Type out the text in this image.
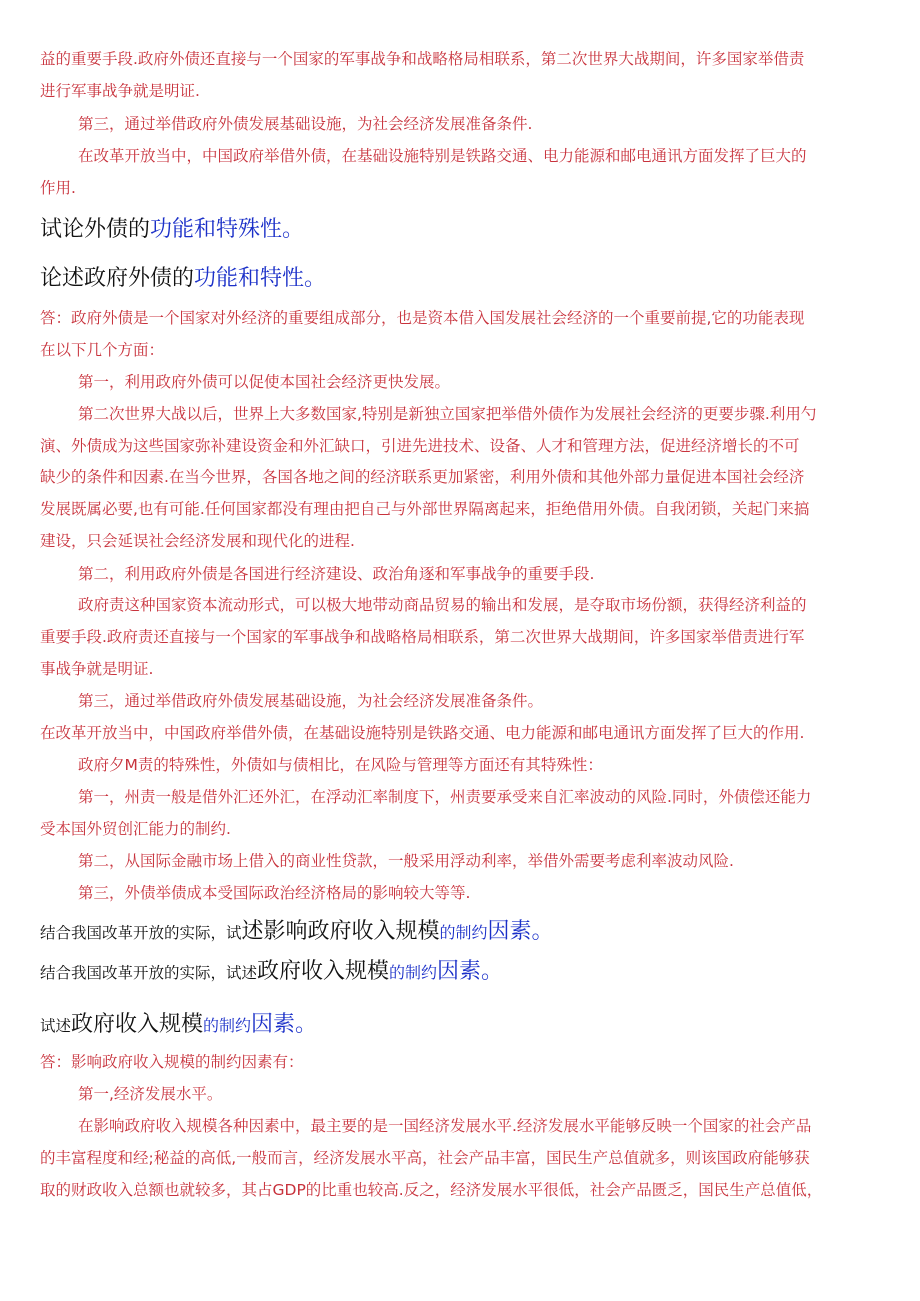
益的重要手段.政府外债还直接与一个国家的军事战争和战略格局相联系，第二次世界大战期间，许多国家举借责
进行军事战争就是明证.
第三，通过举借政府外债发展基础设施，为社会经济发展准备条件.
在改革开放当中，中国政府举借外债，在基础设施特别是铁路交通、电力能源和邮电通讯方面发挥了巨大的
作用.
试论外债的功能和特殊性。
论述政府外债的功能和特性。
答：政府外债是一个国家对外经济的重要组成部分，也是资本借入国发展社会经济的一个重要前提,它的功能表现
在以下几个方面：
第一，利用政府外债可以促使本国社会经济更快发展。
第二次世界大战以后，世界上大多数国家,特别是新独立国家把举借外债作为发展社会经济的更要步骤.利用勺
演、外债成为这些国家弥补建设资金和外汇缺口，引进先进技术、设备、人才和管理方法，促进经济增长的不可
缺少的条件和因素.在当今世界，各国各地之间的经济联系更加紧密，利用外债和其他外部力量促进本国社会经济
发展既属必要,也有可能.任何国家都没有理由把自己与外部世界隔离起来，拒绝借用外债。自我闭锁，关起门来搞
建设，只会延误社会经济发展和现代化的进程.
第二，利用政府外债是各国进行经济建设、政治角逐和军事战争的重要手段.
政府责这种国家资本流动形式，可以极大地带动商品贸易的输出和发展，是夺取市场份额，获得经济利益的
重要手段.政府责还直接与一个国家的军事战争和战略格局相联系，第二次世界大战期间，许多国家举借责进行军
事战争就是明证.
第三，通过举借政府外债发展基础设施，为社会经济发展准备条件。
在改革开放当中，中国政府举借外债，在基础设施特别是铁路交通、电力能源和邮电通讯方面发挥了巨大的作用.
政府夕M责的特殊性，外债如与债相比，在风险与管理等方面还有其特殊性：
第一，州责一般是借外汇还外汇，在浮动汇率制度下，州责要承受来自汇率波动的风险.同时，外债偿还能力
受本国外贸创汇能力的制约.
第二，从国际金融市场上借入的商业性贷款，一般采用浮动利率，举借外需要考虑利率波动风险.
第三，外债举债成本受国际政治经济格局的影响较大等等.
结合我国改革开放的实际，试述影响政府收入规模的制约因素。
结合我国改革开放的实际，试述政府收入规模的制约因素。
试述政府收入规模的制约因素。
答：影响政府收入规模的制约因素有：
第一,经济发展水平。
在影响政府收入规模各种因素中，最主要的是一国经济发展水平.经济发展水平能够反映一个国家的社会产品
的丰富程度和经;秘益的高低,一般而言，经济发展水平高，社会产品丰富，国民生产总值就多，则该国政府能够获
取的财政收入总额也就较多，其占GDP的比重也较高.反之，经济发展水平很低，社会产品匮乏，国民生产总值低，
